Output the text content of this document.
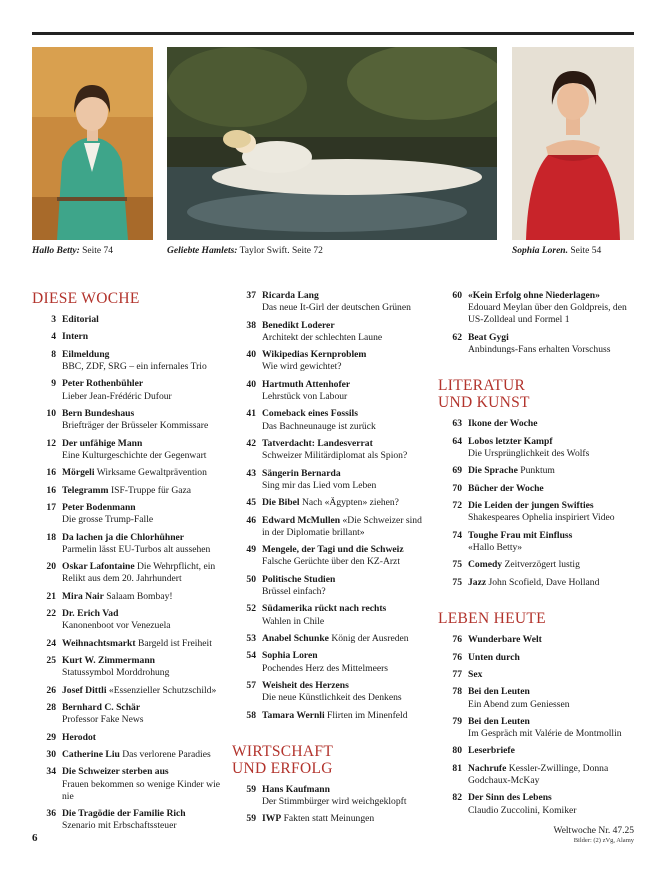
Hallo Betty: Seite 74	Geliebte Hamlets: Taylor Swift. Seite 72	Sophia Loren. Seite 54
DIESE WOCHE
3 Editorial
4 Intern
8 Eilmeldung
BBC, ZDF, SRG – ein infernales Trio
9 Peter Rothenbühler
Lieber Jean-Frédéric Dufour
10 Bern Bundeshaus
Briefträger der Brüsseler Kommissare
12 Der unfähige Mann
Eine Kulturgeschichte der Gegenwart
16 Mörgeli Wirksame Gewaltprävention
16 Telegramm ISF-Truppe für Gaza
17 Peter Bodenmann
Die grosse Trump-Falle
18 Da lachen ja die Chlorhühner
Parmelin lässt EU-Turbos alt aussehen
20 Oskar Lafontaine Die Wehrpflicht, ein Relikt aus dem 20. Jahrhundert
21 Mira Nair Salaam Bombay!
22 Dr. Erich Vad
Kanonenboot vor Venezuela
24 Weihnachtsmarkt Bargeld ist Freiheit
25 Kurt W. Zimmermann
Statussymbol Morddrohung
26 Josef Dittli «Essenzieller Schutzschild»
28 Bernhard C. Schär
Professor Fake News
29 Herodot
30 Catherine Liu Das verlorene Paradies
34 Die Schweizer sterben aus
Frauen bekommen so wenige Kinder wie nie
36 Die Tragödie der Familie Rich
Szenario mit Erbschaftssteuer
37 Ricarda Lang
Das neue It-Girl der deutschen Grünen
38 Benedikt Loderer
Architekt der schlechten Laune
40 Wikipedias Kernproblem
Wie wird gewichtet?
40 Hartmuth Attenhofer
Lehrstück von Labour
41 Comeback eines Fossils
Das Bachneunauge ist zurück
42 Tatverdacht: Landesverrat
Schweizer Militärdiplomat als Spion?
43 Sängerin Bernarda
Sing mir das Lied vom Leben
45 Die Bibel Nach «Ägypten» ziehen?
46 Edward McMullen «Die Schweizer sind in der Diplomatie brillant»
49 Mengele, der Tagi und die Schweiz
Falsche Gerüchte über den KZ-Arzt
50 Politische Studien
Brüssel einfach?
52 Südamerika rückt nach rechts
Wahlen in Chile
53 Anabel Schunke König der Ausreden
54 Sophia Loren
Pochendes Herz des Mittelmeers
57 Weisheit des Herzens
Die neue Künstlichkeit des Denkens
58 Tamara Wernli Flirten im Minenfeld
WIRTSCHAFT UND ERFOLG
59 Hans Kaufmann
Der Stimmbürger wird weichgeklopft
59 IWP Fakten statt Meinungen
60 «Kein Erfolg ohne Niederlagen»
Edouard Meylan über den Goldpreis, den US-Zolldeal und Formel 1
62 Beat Gygi
Anbindungs-Fans erhalten Vorschuss
LITERATUR UND KUNST
63 Ikone der Woche
64 Lobos letzter Kampf
Die Ursprünglichkeit des Wolfs
69 Die Sprache Punktum
70 Bücher der Woche
72 Die Leiden der jungen Swifties
Shakespeares Ophelia inspiriert Video
74 Toughe Frau mit Einfluss
«Hallo Betty»
75 Comedy Zeitverzögert lustig
75 Jazz John Scofield, Dave Holland
LEBEN HEUTE
76 Wunderbare Welt
76 Unten durch
77 Sex
78 Bei den Leuten
Ein Abend zum Geniessen
79 Bei den Leuten
Im Gespräch mit Valérie de Montmollin
80 Leserbriefe
81 Nachrufe Kessler-Zwillinge, Donna Godchaux-McKay
82 Der Sinn des Lebens
Claudio Zuccolini, Komiker
6
Weltwoche Nr. 47.25
Bilder: (2) zVg, Alamy
